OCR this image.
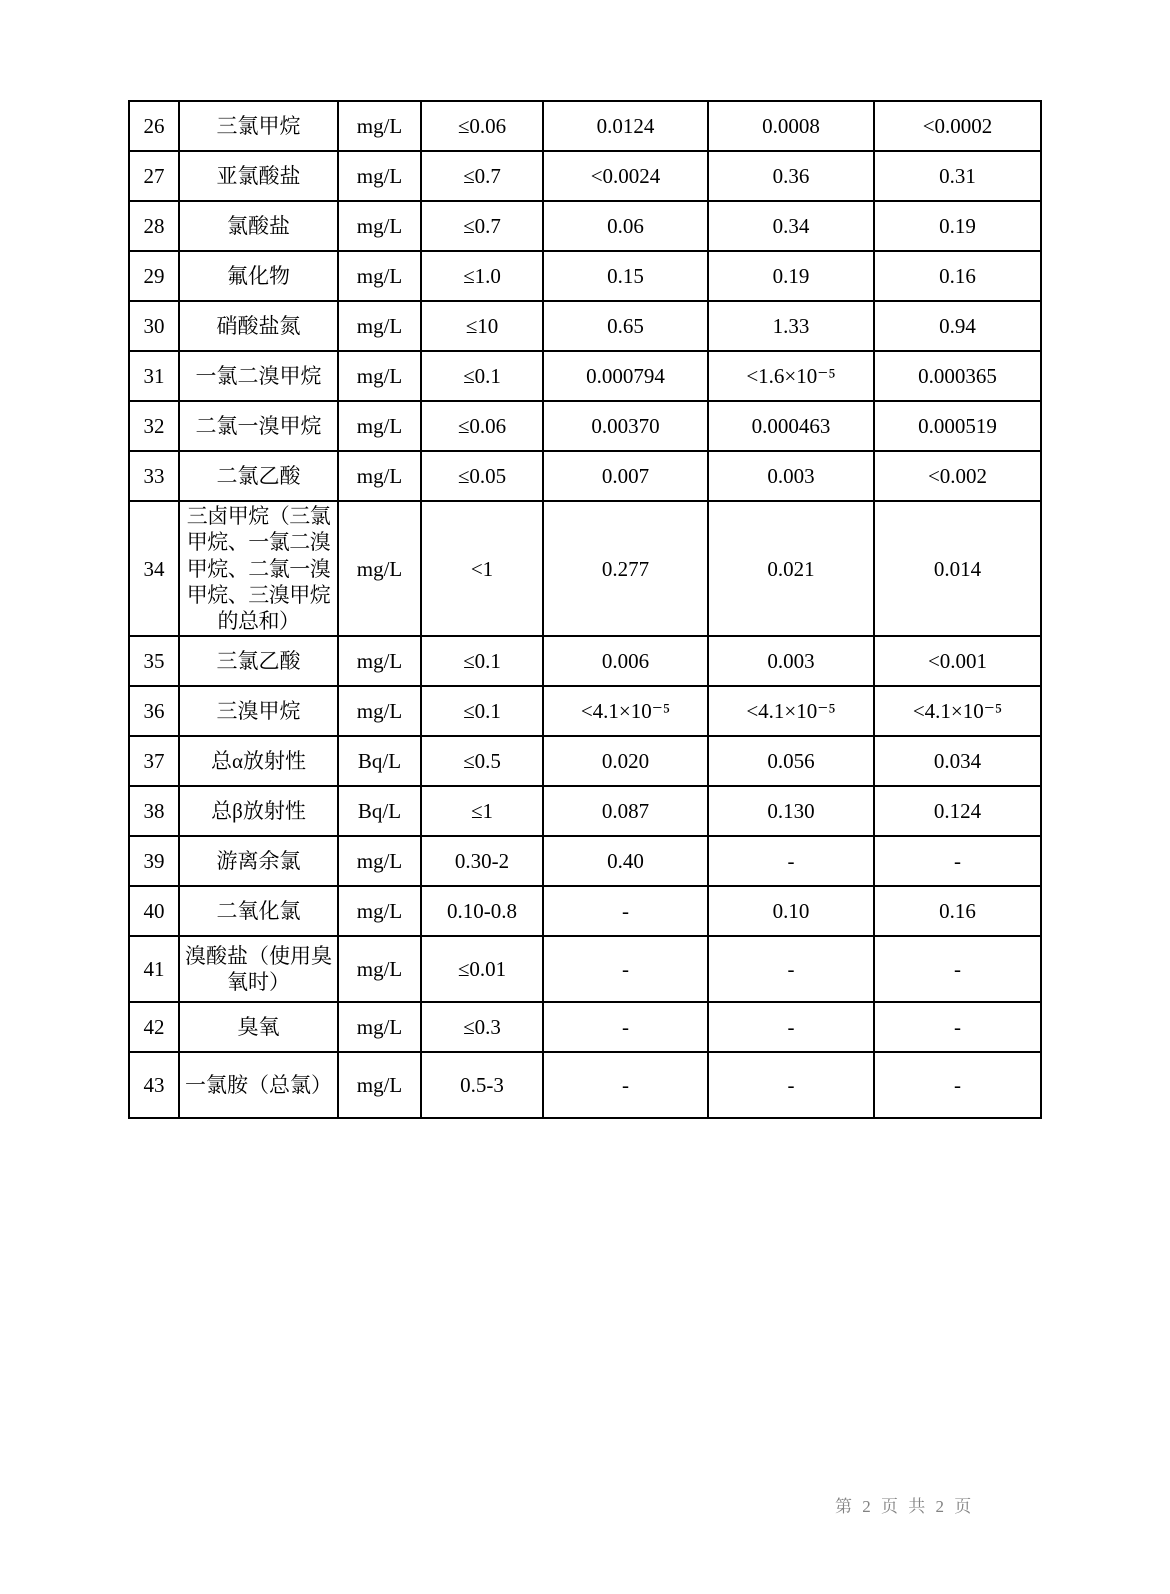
26	三氯甲烷	mg/L	≤0.06	0.0124	0.0008	<0.0002
27	亚氯酸盐	mg/L	≤0.7	<0.0024	0.36	0.31
28	氯酸盐	mg/L	≤0.7	0.06	0.34	0.19
29	氟化物	mg/L	≤1.0	0.15	0.19	0.16
30	硝酸盐氮	mg/L	≤10	0.65	1.33	0.94
31	一氯二溴甲烷	mg/L	≤0.1	0.000794	<1.6×10⁻⁵	0.000365
32	二氯一溴甲烷	mg/L	≤0.06	0.00370	0.000463	0.000519
33	二氯乙酸	mg/L	≤0.05	0.007	0.003	<0.002
34	三卤甲烷（三氯甲烷、一氯二溴甲烷、二氯一溴甲烷、三溴甲烷的总和）	mg/L	<1	0.277	0.021	0.014
35	三氯乙酸	mg/L	≤0.1	0.006	0.003	<0.001
36	三溴甲烷	mg/L	≤0.1	<4.1×10⁻⁵	<4.1×10⁻⁵	<4.1×10⁻⁵
37	总α放射性	Bq/L	≤0.5	0.020	0.056	0.034
38	总β放射性	Bq/L	≤1	0.087	0.130	0.124
39	游离余氯	mg/L	0.30-2	0.40	-	-
40	二氧化氯	mg/L	0.10-0.8	-	0.10	0.16
41	溴酸盐（使用臭氧时）	mg/L	≤0.01	-	-	-
42	臭氧	mg/L	≤0.3	-	-	-
43	一氯胺（总氯）	mg/L	0.5-3	-	-	-
第 2 页 共 2 页
